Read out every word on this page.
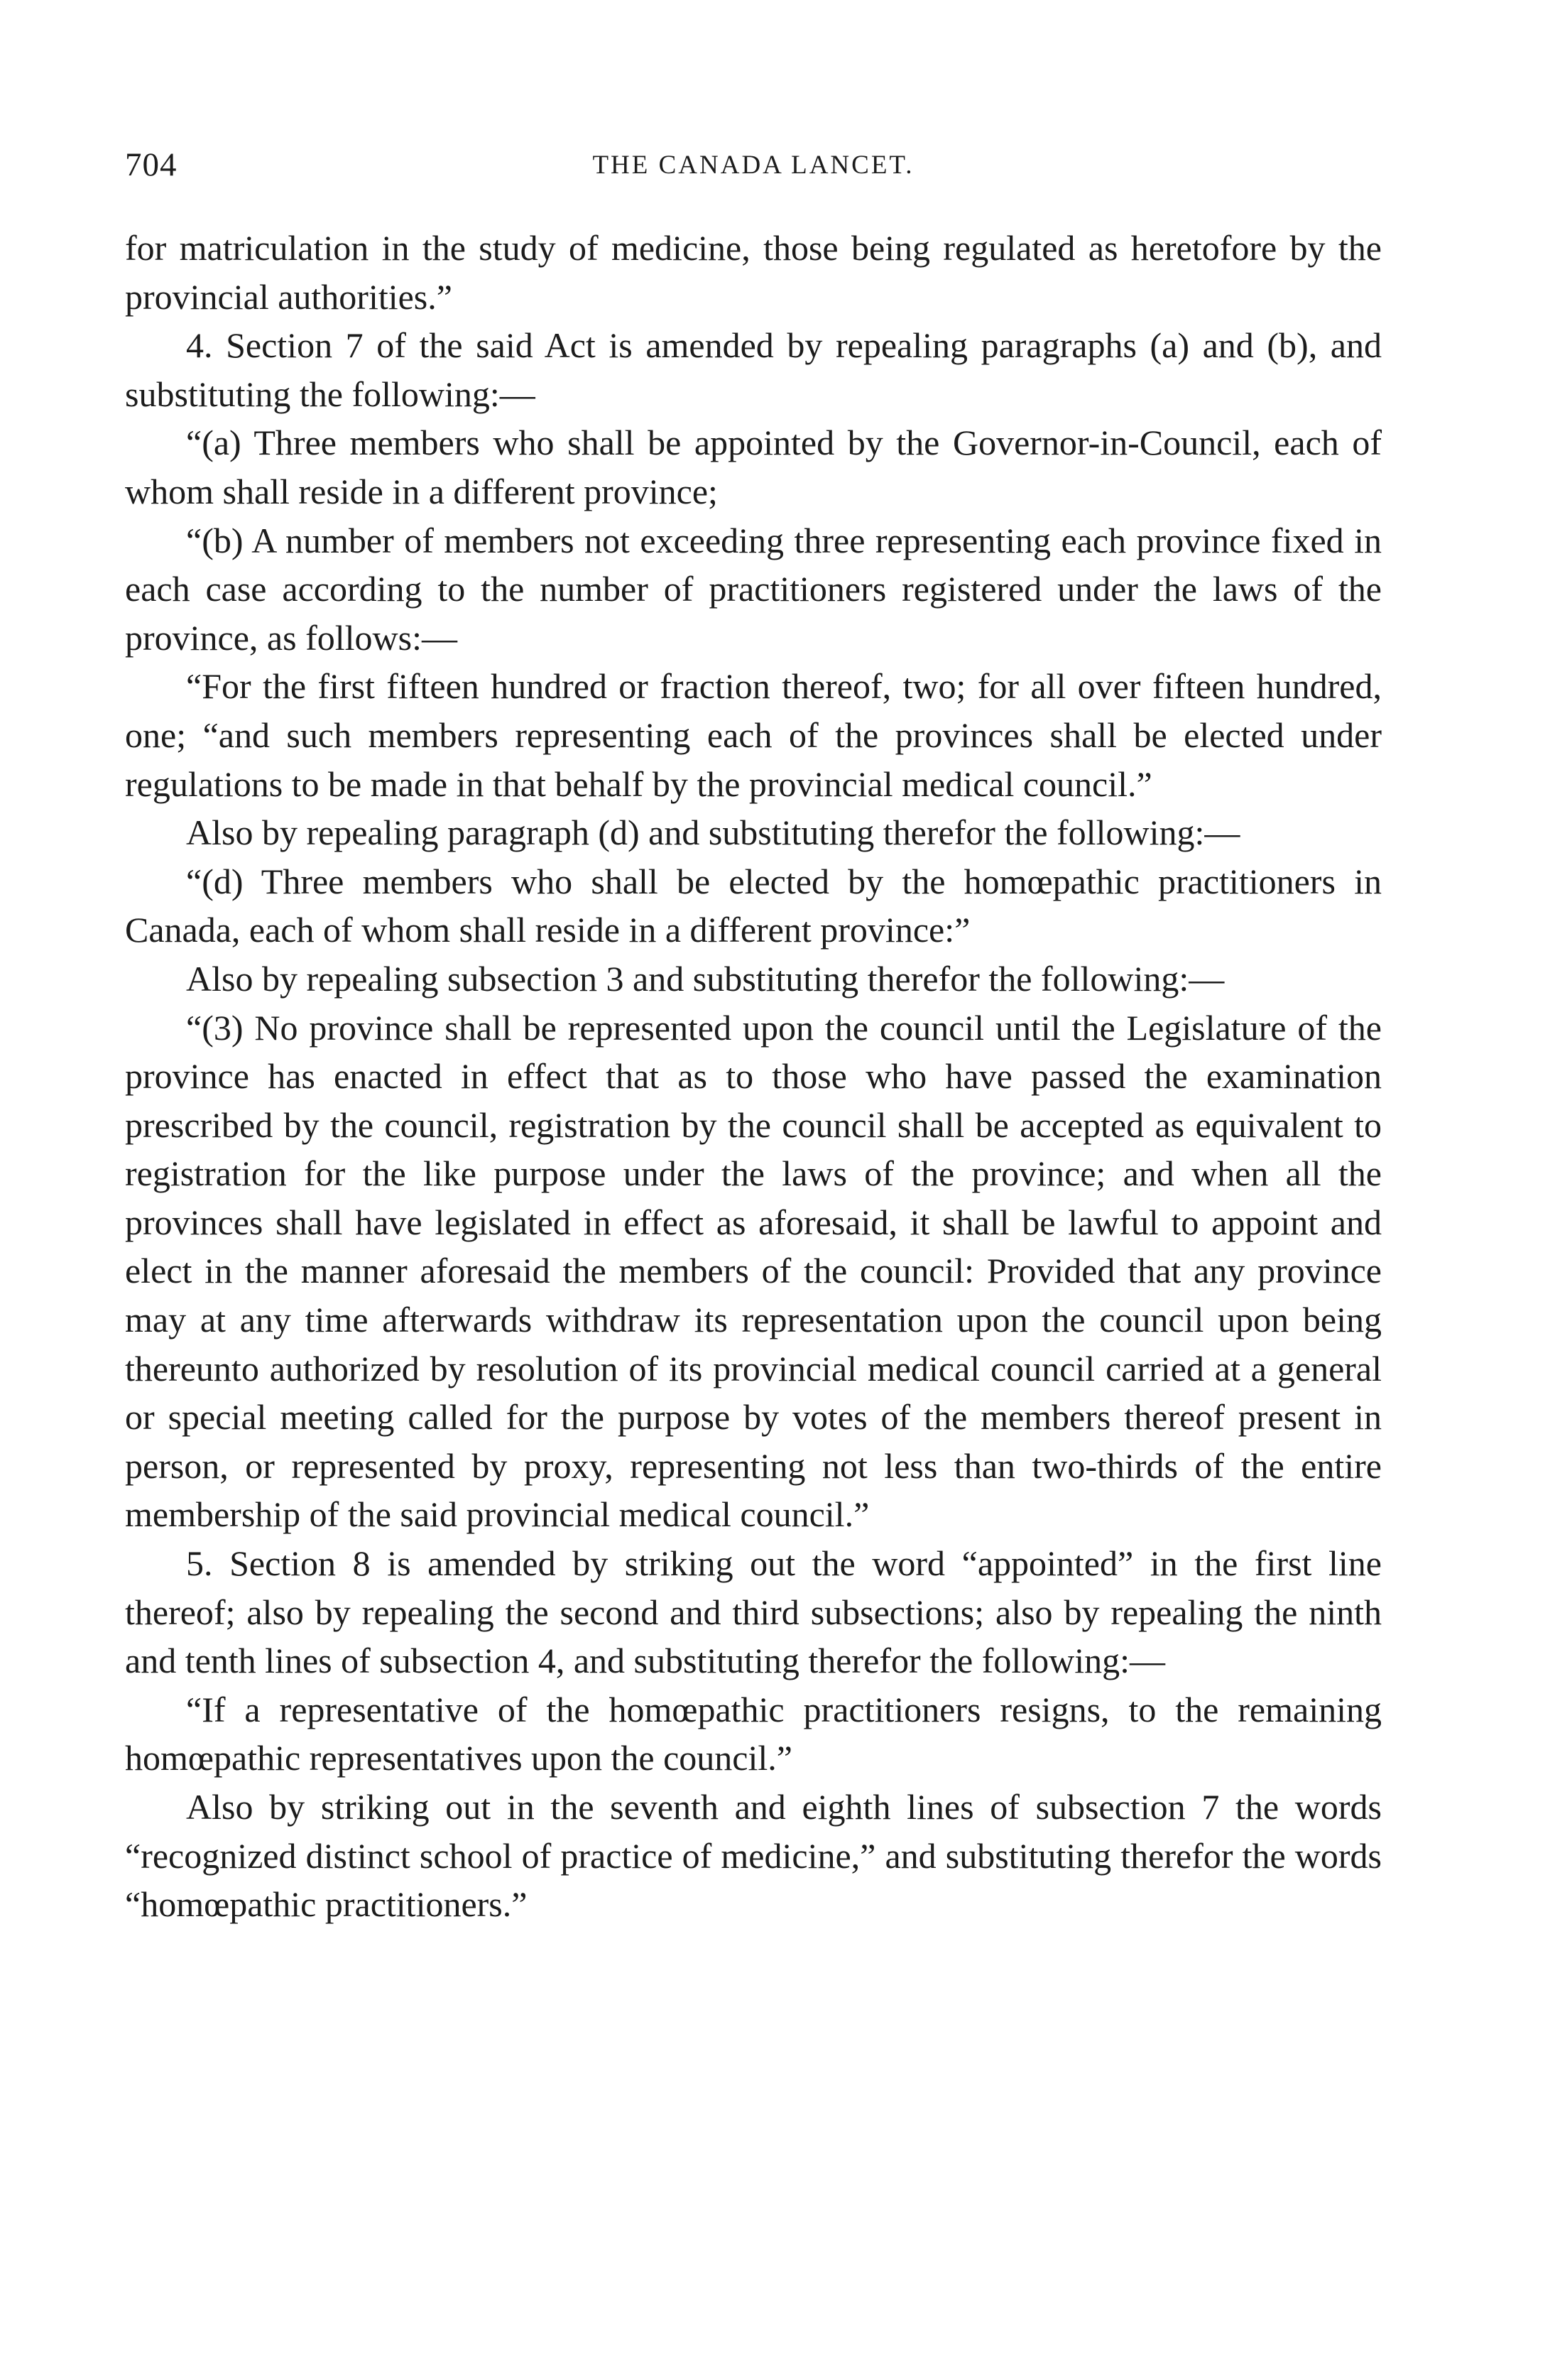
704	THE CANADA LANCET.

for matriculation in the study of medicine, those being regulated as heretofore by the provincial authorities.”

4. Section 7 of the said Act is amended by repealing paragraphs (a) and (b), and substituting the following:—

“(a) Three members who shall be appointed by the Governor-in-Council, each of whom shall reside in a different province;

“(b) A number of members not exceeding three representing each province fixed in each case according to the number of practitioners registered under the laws of the province, as follows:—

“For the first fifteen hundred or fraction thereof, two; for all over fifteen hundred, one; “and such members representing each of the provinces shall be elected under regulations to be made in that behalf by the provincial medical council.”

Also by repealing paragraph (d) and substituting therefor the following:—

“(d) Three members who shall be elected by the homœpathic practitioners in Canada, each of whom shall reside in a different province:”

Also by repealing subsection 3 and substituting therefor the following:—

“(3) No province shall be represented upon the council until the Legislature of the province has enacted in effect that as to those who have passed the examination prescribed by the council, registration by the council shall be accepted as equivalent to registration for the like purpose under the laws of the province; and when all the provinces shall have legislated in effect as aforesaid, it shall be lawful to appoint and elect in the manner aforesaid the members of the council: Provided that any province may at any time afterwards withdraw its representation upon the council upon being thereunto authorized by resolution of its provincial medical council carried at a general or special meeting called for the purpose by votes of the members thereof present in person, or represented by proxy, representing not less than two-thirds of the entire membership of the said provincial medical council.”

5. Section 8 is amended by striking out the word “appointed” in the first line thereof; also by repealing the second and third subsections; also by repealing the ninth and tenth lines of subsection 4, and substituting therefor the following:—

“If a representative of the homœpathic practitioners resigns, to the remaining homœpathic representatives upon the council.”

Also by striking out in the seventh and eighth lines of subsection 7 the words “recognized distinct school of practice of medicine,” and substituting therefor the words “homœpathic practitioners.”
